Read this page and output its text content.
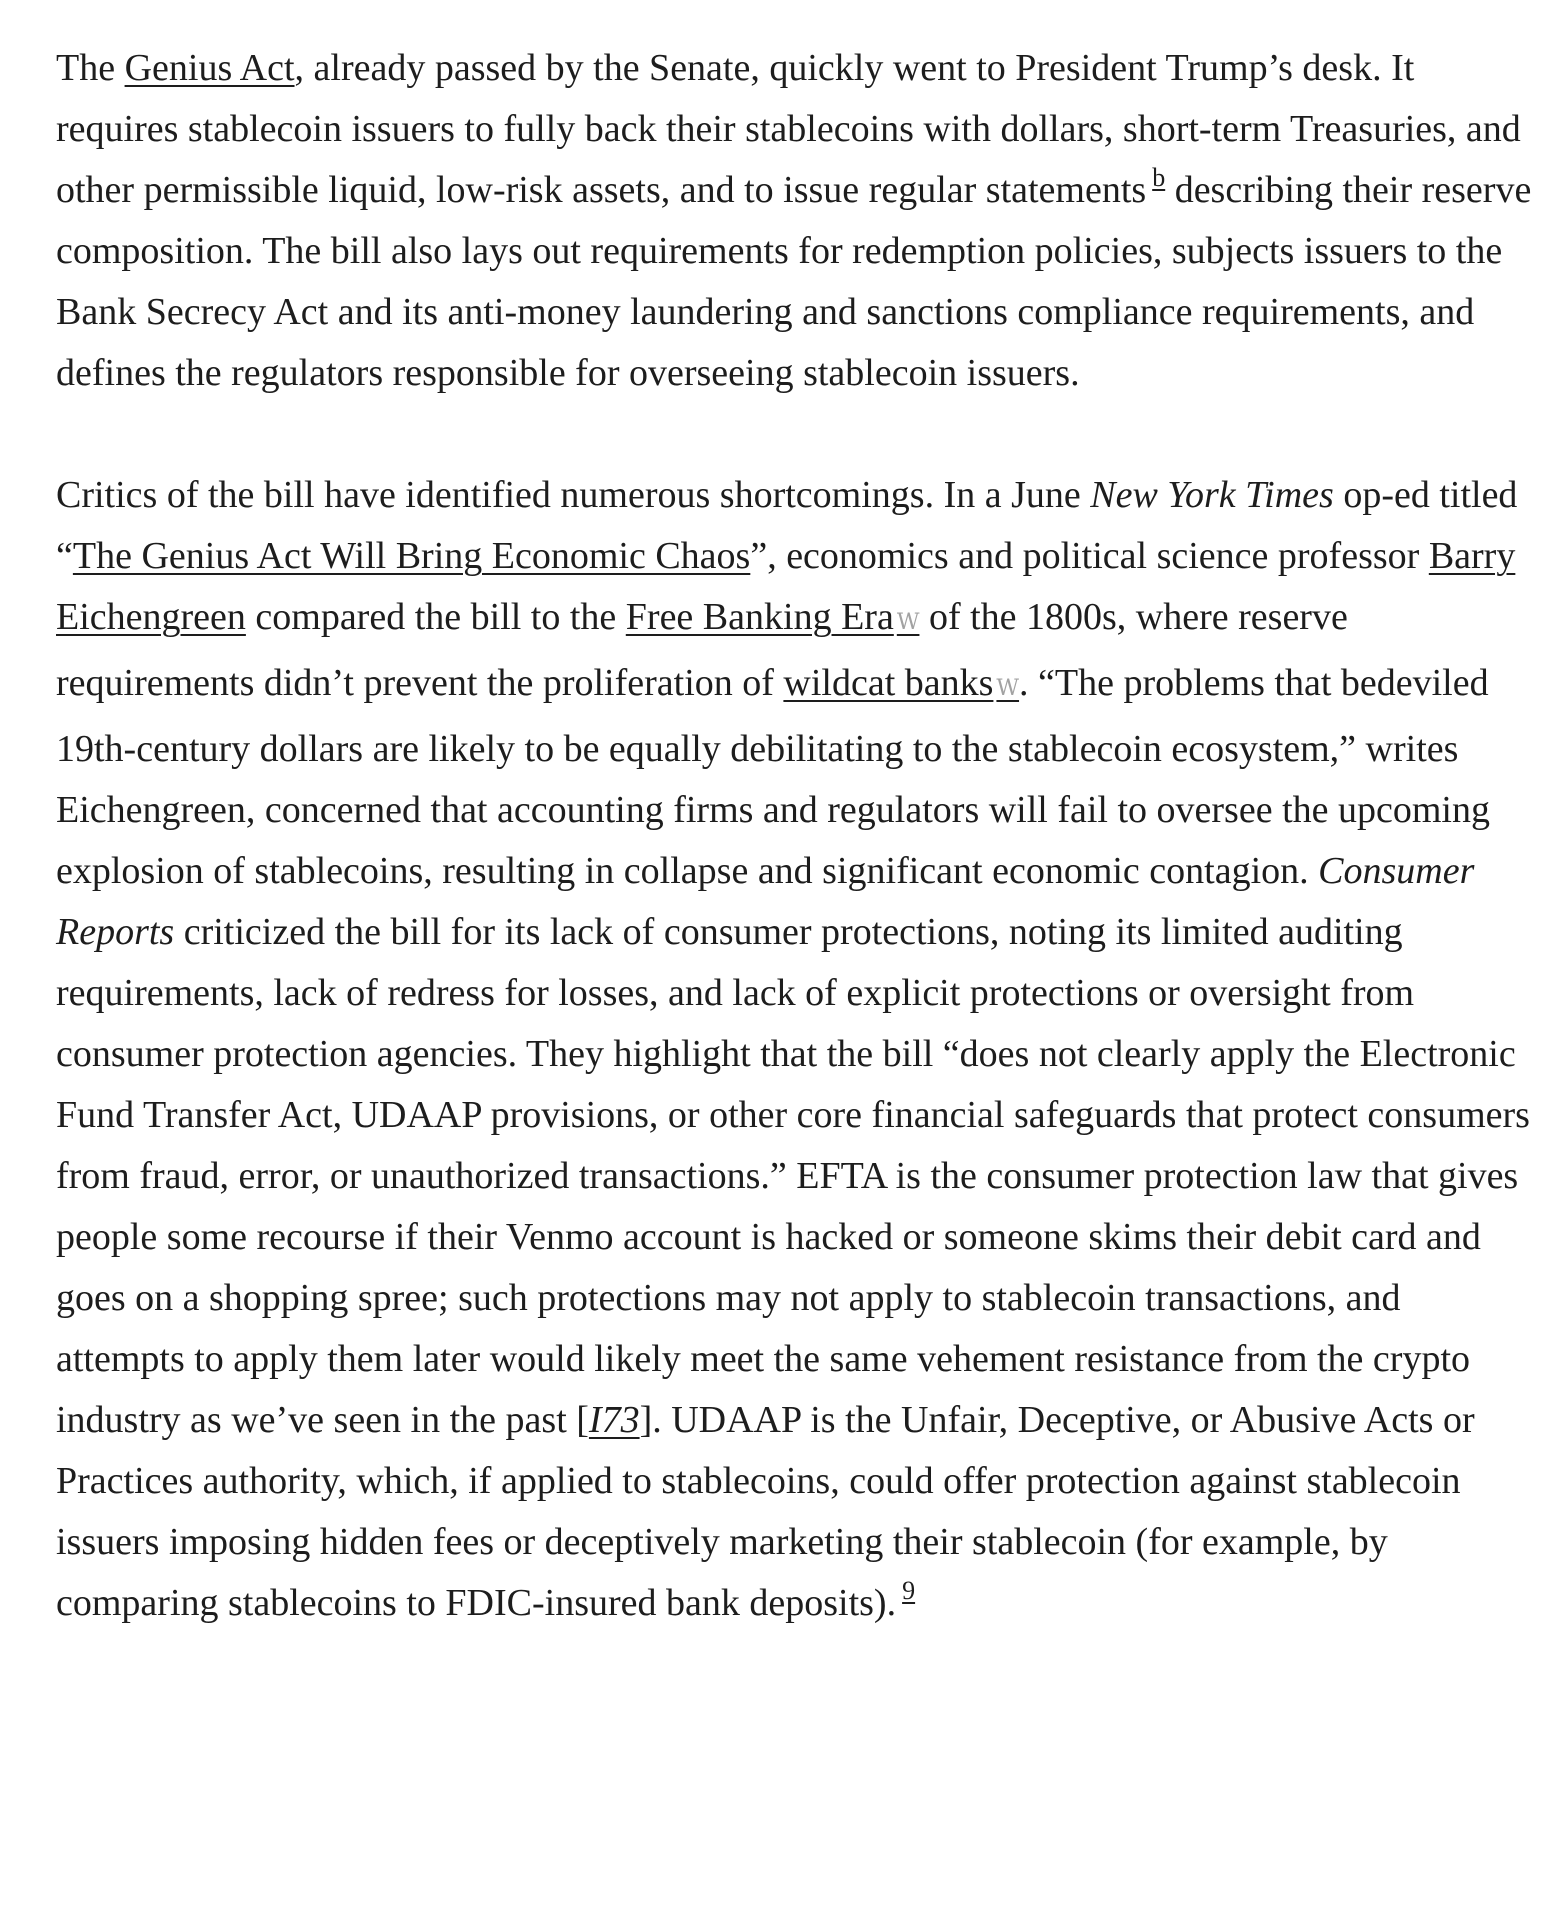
The Genius Act, already passed by the Senate, quickly went to President Trump’s desk. It requires stablecoin issuers to fully back their stablecoins with dollars, short-term Treasuries, and other permissible liquid, low-risk assets, and to issue regular statements $^b$ describing their reserve composition. The bill also lays out requirements for redemption policies, subjects issuers to the Bank Secrecy Act and its anti-money laundering and sanctions compliance requirements, and defines the regulators responsible for overseeing stablecoin issuers.

Critics of the bill have identified numerous shortcomings. In a June New York Times op-ed titled “The Genius Act Will Bring Economic Chaos”, economics and political science professor Barry Eichengreen compared the bill to the Free Banking Era W of the 1800s, where reserve requirements didn’t prevent the proliferation of wildcat banks W. “The problems that bedeviled 19th-century dollars are likely to be equally debilitating to the stablecoin ecosystem,” writes Eichengreen, concerned that accounting firms and regulators will fail to oversee the upcoming explosion of stablecoins, resulting in collapse and significant economic contagion. Consumer Reports criticized the bill for its lack of consumer protections, noting its limited auditing requirements, lack of redress for losses, and lack of explicit protections or oversight from consumer protection agencies. They highlight that the bill “does not clearly apply the Electronic Fund Transfer Act, UDAAP provisions, or other core financial safeguards that protect consumers from fraud, error, or unauthorized transactions.” EFTA is the consumer protection law that gives people some recourse if their Venmo account is hacked or someone skims their debit card and goes on a shopping spree; such protections may not apply to stablecoin transactions, and attempts to apply them later would likely meet the same vehement resistance from the crypto industry as we’ve seen in the past [I73]. UDAAP is the Unfair, Deceptive, or Abusive Acts or Practices authority, which, if applied to stablecoins, could offer protection against stablecoin issuers imposing hidden fees or deceptively marketing their stablecoin (for example, by comparing stablecoins to FDIC-insured bank deposits). $^9$
